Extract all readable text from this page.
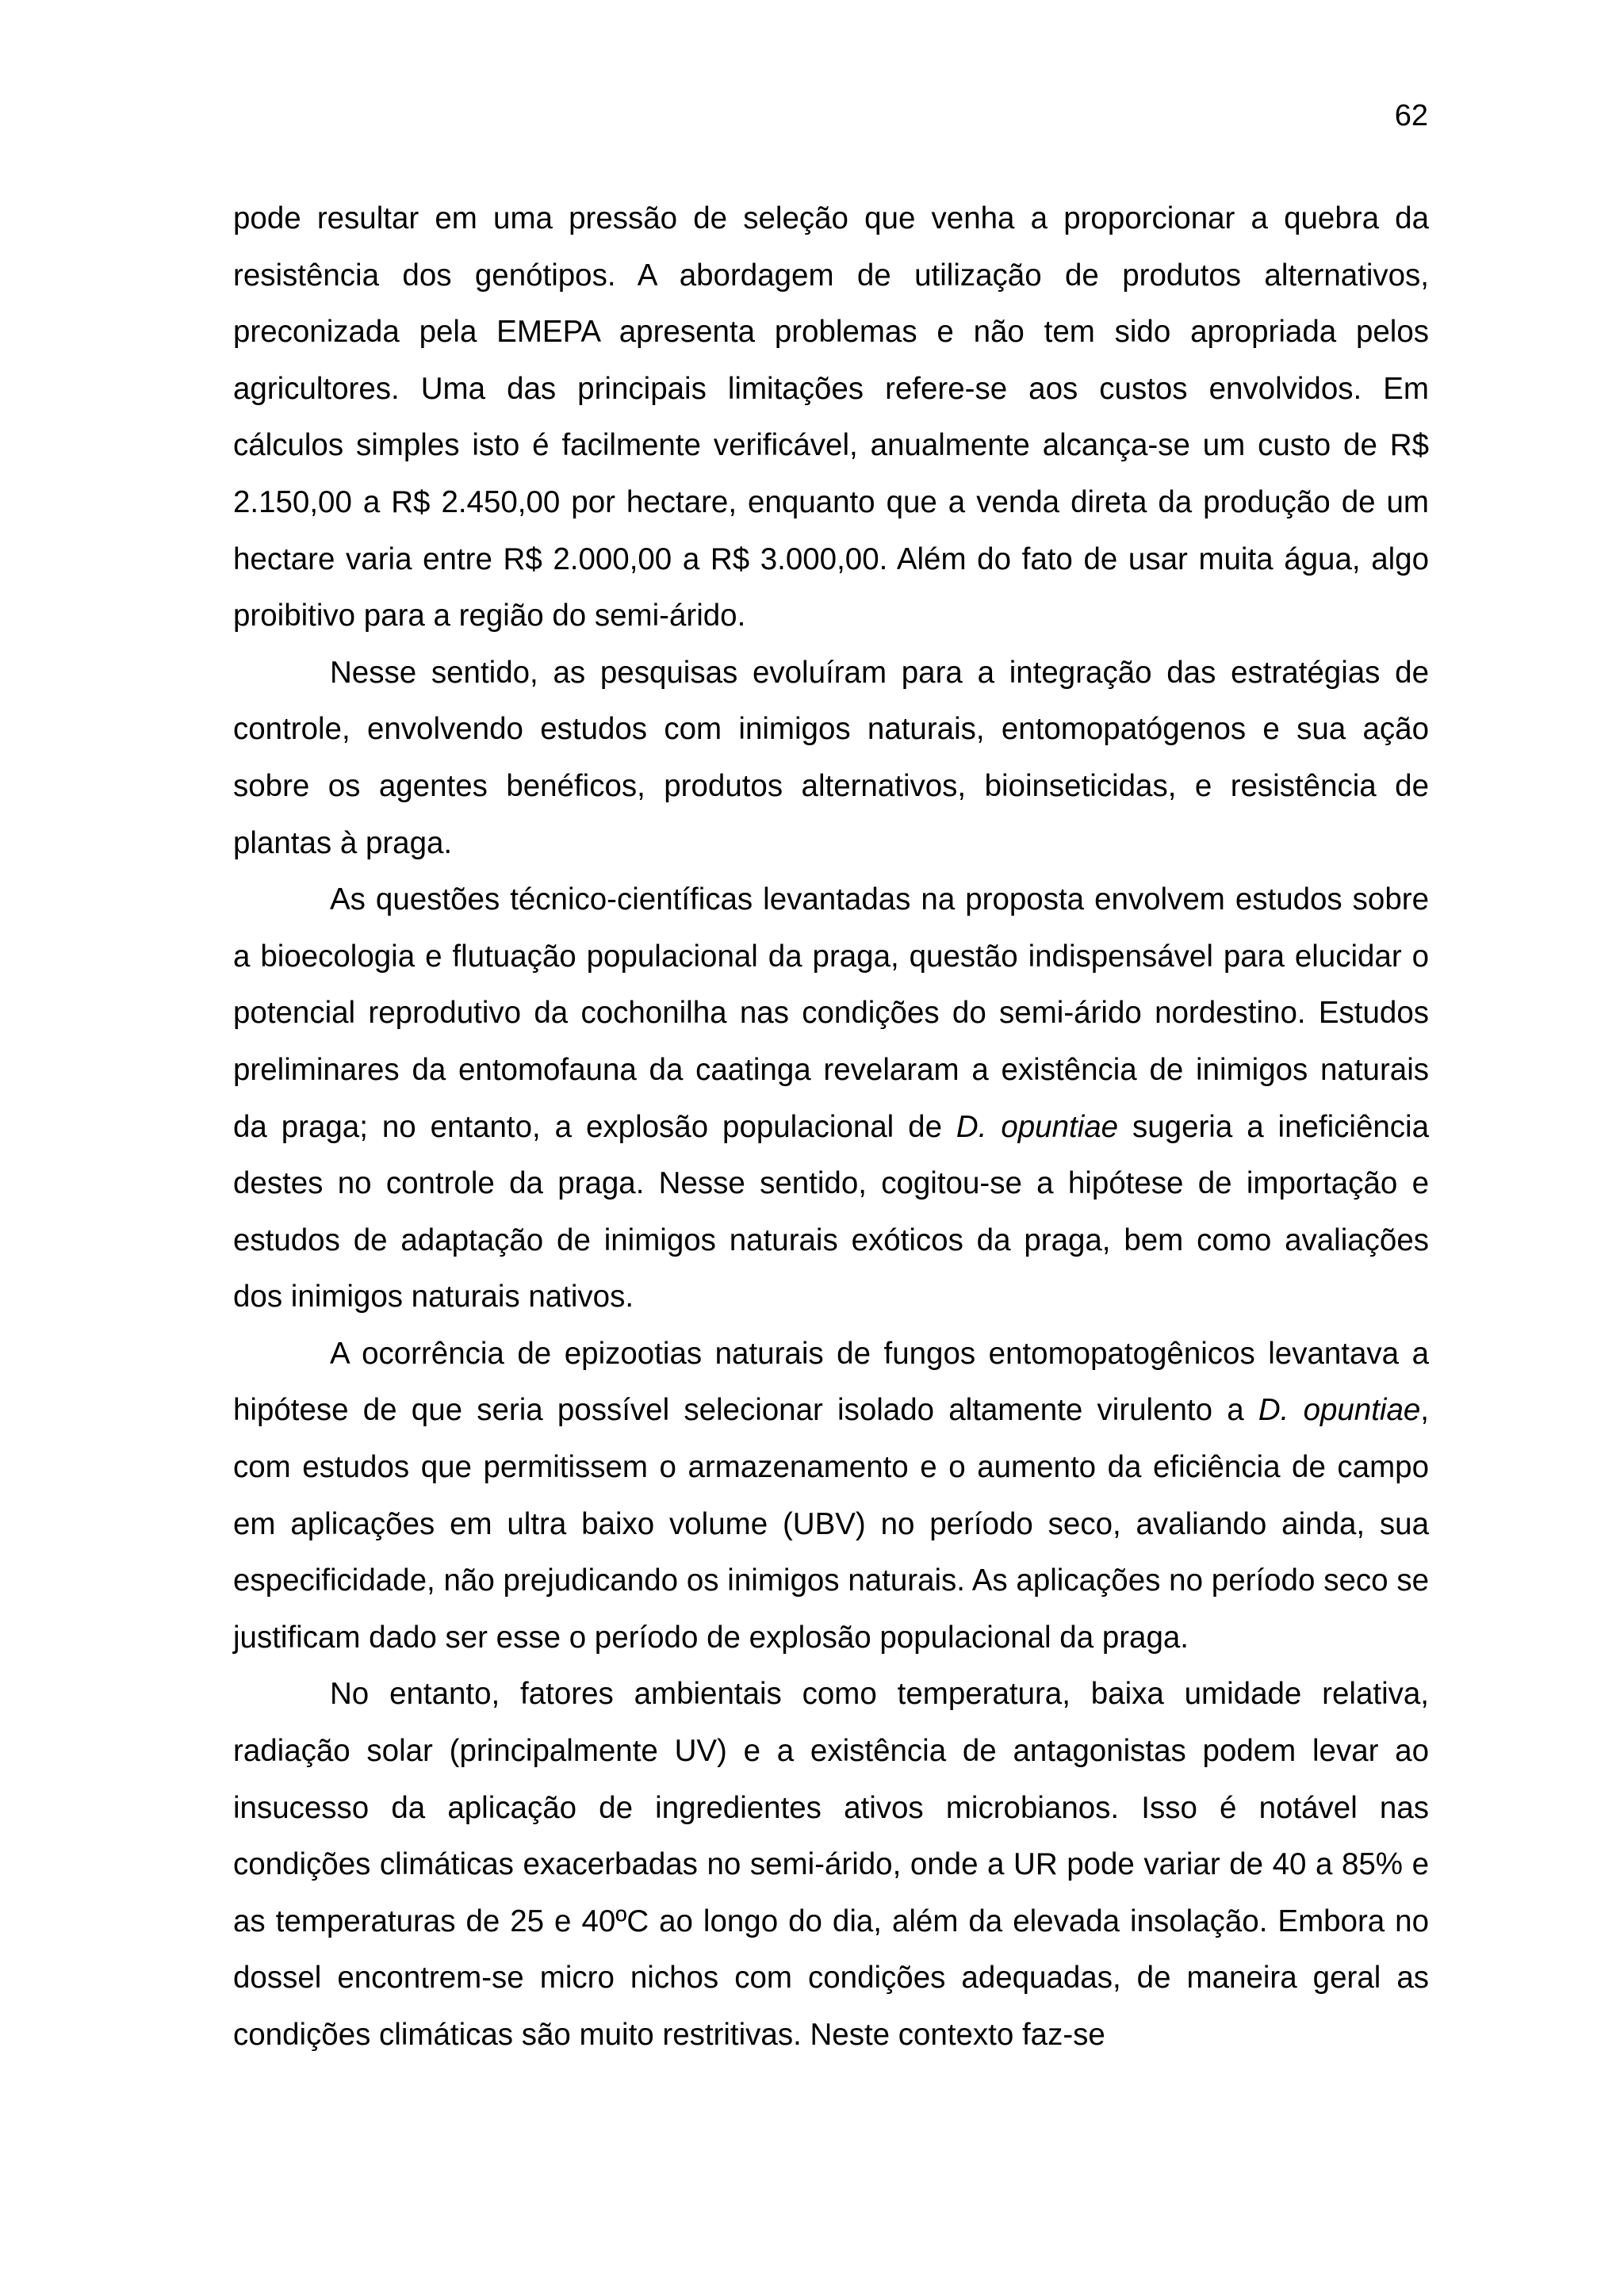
62

pode resultar em uma pressão de seleção que venha a proporcionar a quebra da resistência dos genótipos. A abordagem de utilização de produtos alternativos, preconizada pela EMEPA apresenta problemas e não tem sido apropriada pelos agricultores. Uma das principais limitações refere-se aos custos envolvidos. Em cálculos simples isto é facilmente verificável, anualmente alcança-se um custo de R$ 2.150,00 a R$ 2.450,00 por hectare, enquanto que a venda direta da produção de um hectare varia entre R$ 2.000,00 a R$ 3.000,00. Além do fato de usar muita água, algo proibitivo para a região do semi-árido.

Nesse sentido, as pesquisas evoluíram para a integração das estratégias de controle, envolvendo estudos com inimigos naturais, entomopatógenos e sua ação sobre os agentes benéficos, produtos alternativos, bioinseticidas, e resistência de plantas à praga.

As questões técnico-científicas levantadas na proposta envolvem estudos sobre a bioecologia e flutuação populacional da praga, questão indispensável para elucidar o potencial reprodutivo da cochonilha nas condições do semi-árido nordestino. Estudos preliminares da entomofauna da caatinga revelaram a existência de inimigos naturais da praga; no entanto, a explosão populacional de D. opuntiae sugeria a ineficiência destes no controle da praga. Nesse sentido, cogitou-se a hipótese de importação e estudos de adaptação de inimigos naturais exóticos da praga, bem como avaliações dos inimigos naturais nativos.

A ocorrência de epizootias naturais de fungos entomopatogênicos levantava a hipótese de que seria possível selecionar isolado altamente virulento a D. opuntiae, com estudos que permitissem o armazenamento e o aumento da eficiência de campo em aplicações em ultra baixo volume (UBV) no período seco, avaliando ainda, sua especificidade, não prejudicando os inimigos naturais. As aplicações no período seco se justificam dado ser esse o período de explosão populacional da praga.

No entanto, fatores ambientais como temperatura, baixa umidade relativa, radiação solar (principalmente UV) e a existência de antagonistas podem levar ao insucesso da aplicação de ingredientes ativos microbianos. Isso é notável nas condições climáticas exacerbadas no semi-árido, onde a UR pode variar de 40 a 85% e as temperaturas de 25 e 40ºC ao longo do dia, além da elevada insolação. Embora no dossel encontrem-se micro nichos com condições adequadas, de maneira geral as condições climáticas são muito restritivas. Neste contexto faz-se
